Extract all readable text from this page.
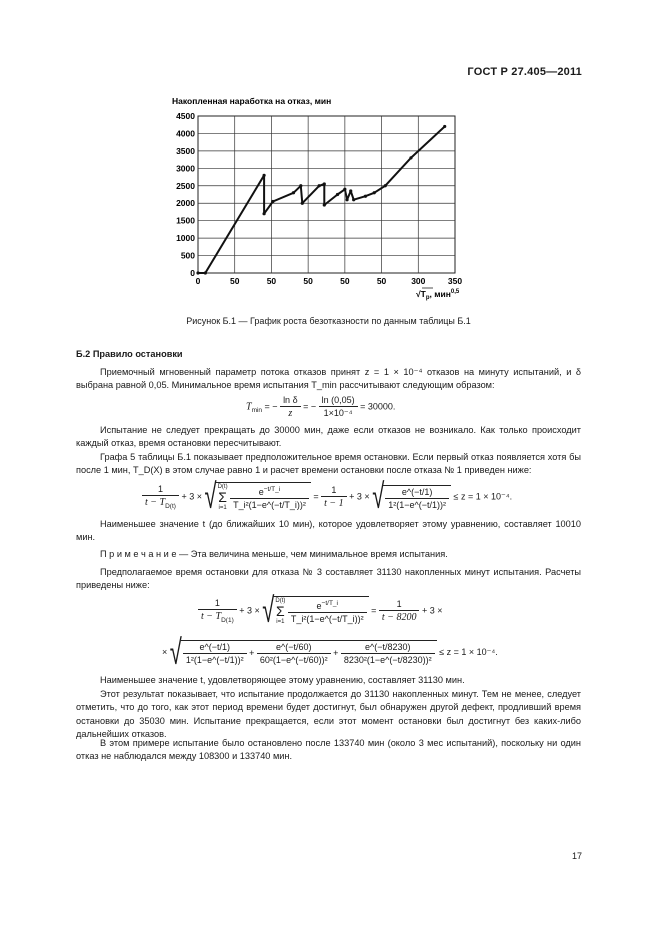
ГОСТ Р 27.405—2011
Накопленная наработка на отказ, мин
0
500
1000
1500
2000
2500
3000
3500
4000
4500
0	50	50	50	50	50	300	350
$√T_p$, мин$^{0,5}$
Рисунок Б.1 — График роста безотказности по данным таблицы Б.1
Б.2 Правило остановки
Приемочный мгновенный параметр потока отказов принят z = 1 × 10⁻⁴ отказов на минуту испытаний, и δ выбрана равной 0,05. Минимальное время испытания T_min рассчитывают следующим образом:
$T_{min}$ = − $\frac{\text{ln δ}}{z}$ = − $\frac{\ln (0,05)}{\text{1×10⁻⁴}} = 30000$.
Испытание не следует прекращать до 30000 мин, даже если отказов не возникало. Как только происходит каждый отказ, время остановки пересчитывают.
Графа 5 таблицы Б.1 показывает предположительное время остановки. Если первый отказ появляется хотя бы после 1 мин, T_D(X) в этом случае равно 1 и расчет времени остановки после отказа № 1 приведен ниже:
$\frac{1}{t - T_{D(t)}} + 3 \times √D(t)$
Σ
$i=1 \frac{e^{-t/T\_i}}{\text{T\_i²(1−e\textasciicircum{}(−t/T\_i))²}} = \frac{1}{t - 1} + 3$ × √ $\frac{e\^{}(-t/1)}{\text{1²(1−e\textasciicircum{}(−t/1))²}} \le z = 1 \times 10^{-4}$.
Наименьшее значение t (до ближайших 10 мин), которое удовлетворяет этому уравнению, составляет 10010 мин.
П р и м е ч а н и е — Эта величина меньше, чем минимальное время испытания.
Предполагаемое время остановки для отказа № 3 составляет 31130 накопленных минут испытания. Расчеты приведены ниже:
$\frac{1}{t - T_{D(1)}} + 3 \times √D(t)$
Σ
$i=1 \frac{e^{-t/T\_i}}{\text{T\_i²(1−e\textasciicircum{}(−t/T\_i))²}} = \frac{1}{t - 8200} + 3$ ×
× √ $\frac{e\^{}(-t/1)}{\text{1²(1−e\textasciicircum{}(−t/1))²}} + \frac{e\^{}(-t/60)}{\text{60²(1−e\textasciicircum{}(−t/60))²}} + \frac{e\^{}(-t/8230)}{\text{8230²(1−e\textasciicircum{}(−t/8230))²}} \le z = 1 \times 10^{-4}$.
Наименьшее значение t, удовлетворяющее этому уравнению, составляет 31130 мин.
Этот результат показывает, что испытание продолжается до 31130 накопленных минут. Тем не менее, следует отметить, что до того, как этот период времени будет достигнут, был обнаружен другой дефект, продливший время остановки до 35030 мин. Испытание прекращается, если этот момент остановки был достигнут без каких-либо дальнейших отказов.
В этом примере испытание было остановлено после 133740 мин (около 3 мес испытаний), поскольку ни один отказ не наблюдался между 108300 и 133740 мин.
17
